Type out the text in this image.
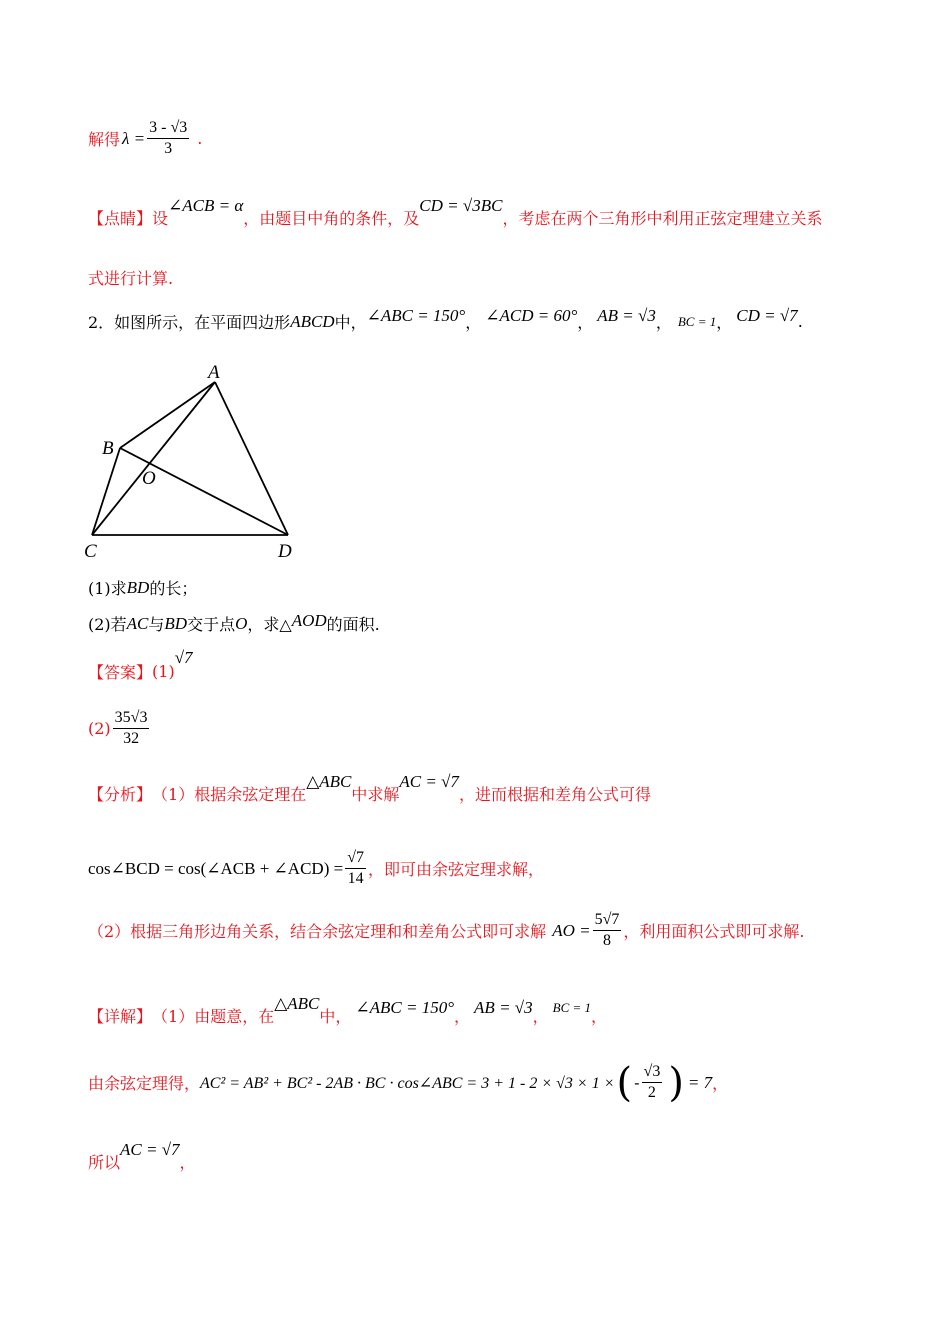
解得 $\lambda = \frac{3 - √3}{3}$ .
【点睛】 设
∠ACB = α
，由题目中角的条件，及
CD = √3BC
，考虑在两个三角形中利用正弦定理建立关系
式进行计算.
2．如图所示，在平面四边形 ABCD 中， ∠ABC = 150° ， ∠ACD = 60° ， AB = √3 ， BC = 1 ， CD = √7 .
A
B
O
C	D
(1)求 BD 的长；
(2)若 AC 与 BD 交于点 O ，求△ AOD 的面积.
【答案】 (1)
√7
$(2) \frac{35√3}{32}$
【分析】 （1）根据余弦定理在
△ABC
中求解
AC = √7
，进而根据和差角公式可得
cos∠BCD = cos(∠ACB + ∠ACD) = $\frac{√7}{14}$ ，即可由余弦定理求解，
（2）根据三角形边角关系，结合余弦定理和和差角公式即可求解 AO = $\frac{5√7}{8}$ ，利用面积公式即可求解.
【详解】 （1）由题意，在
△ABC
中， ∠ABC = 150° ， AB = √3 ， BC = 1 ，
由余弦定理得， AC² = AB² + BC² - 2AB · BC · cos∠ABC = 3 + 1 - 2 × √3 × 1 × ( - $\frac{√3}{2}$ ) = 7 ，
所以
AC = √7
，
